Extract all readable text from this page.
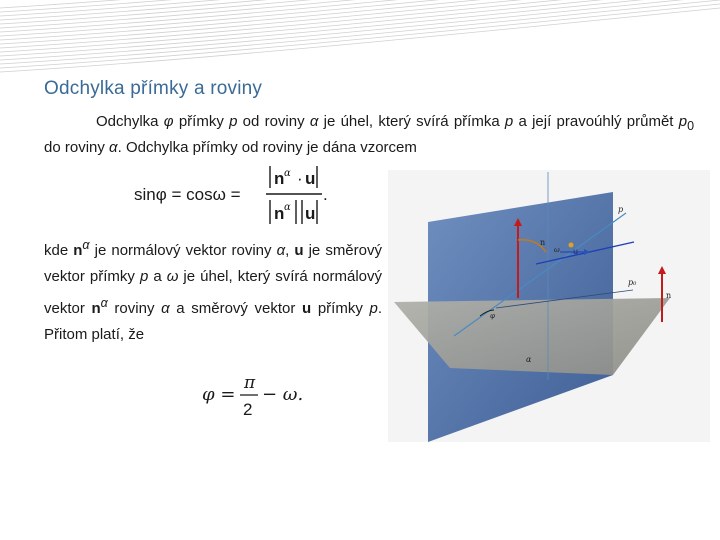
Odchylka přímky a roviny
Odchylka φ přímky p od roviny α je úhel, který svírá přímka p a její pravoúhlý průmět $p_0$ do roviny α. Odchylka přímky od roviny je dána vzorcem
sinφ = cosω =
n α · u
n α u
.
kde $n^\alpha$ je normálový vektor roviny α, u je směrový vektor přímky p a ω je úhel, který svírá normálový vektor $n^\alpha$ roviny α a směrový vektor u přímky p. Přitom platí, že
φ =
π
2
− ω.
p
n
u
ω
p₀
φ
α
n
